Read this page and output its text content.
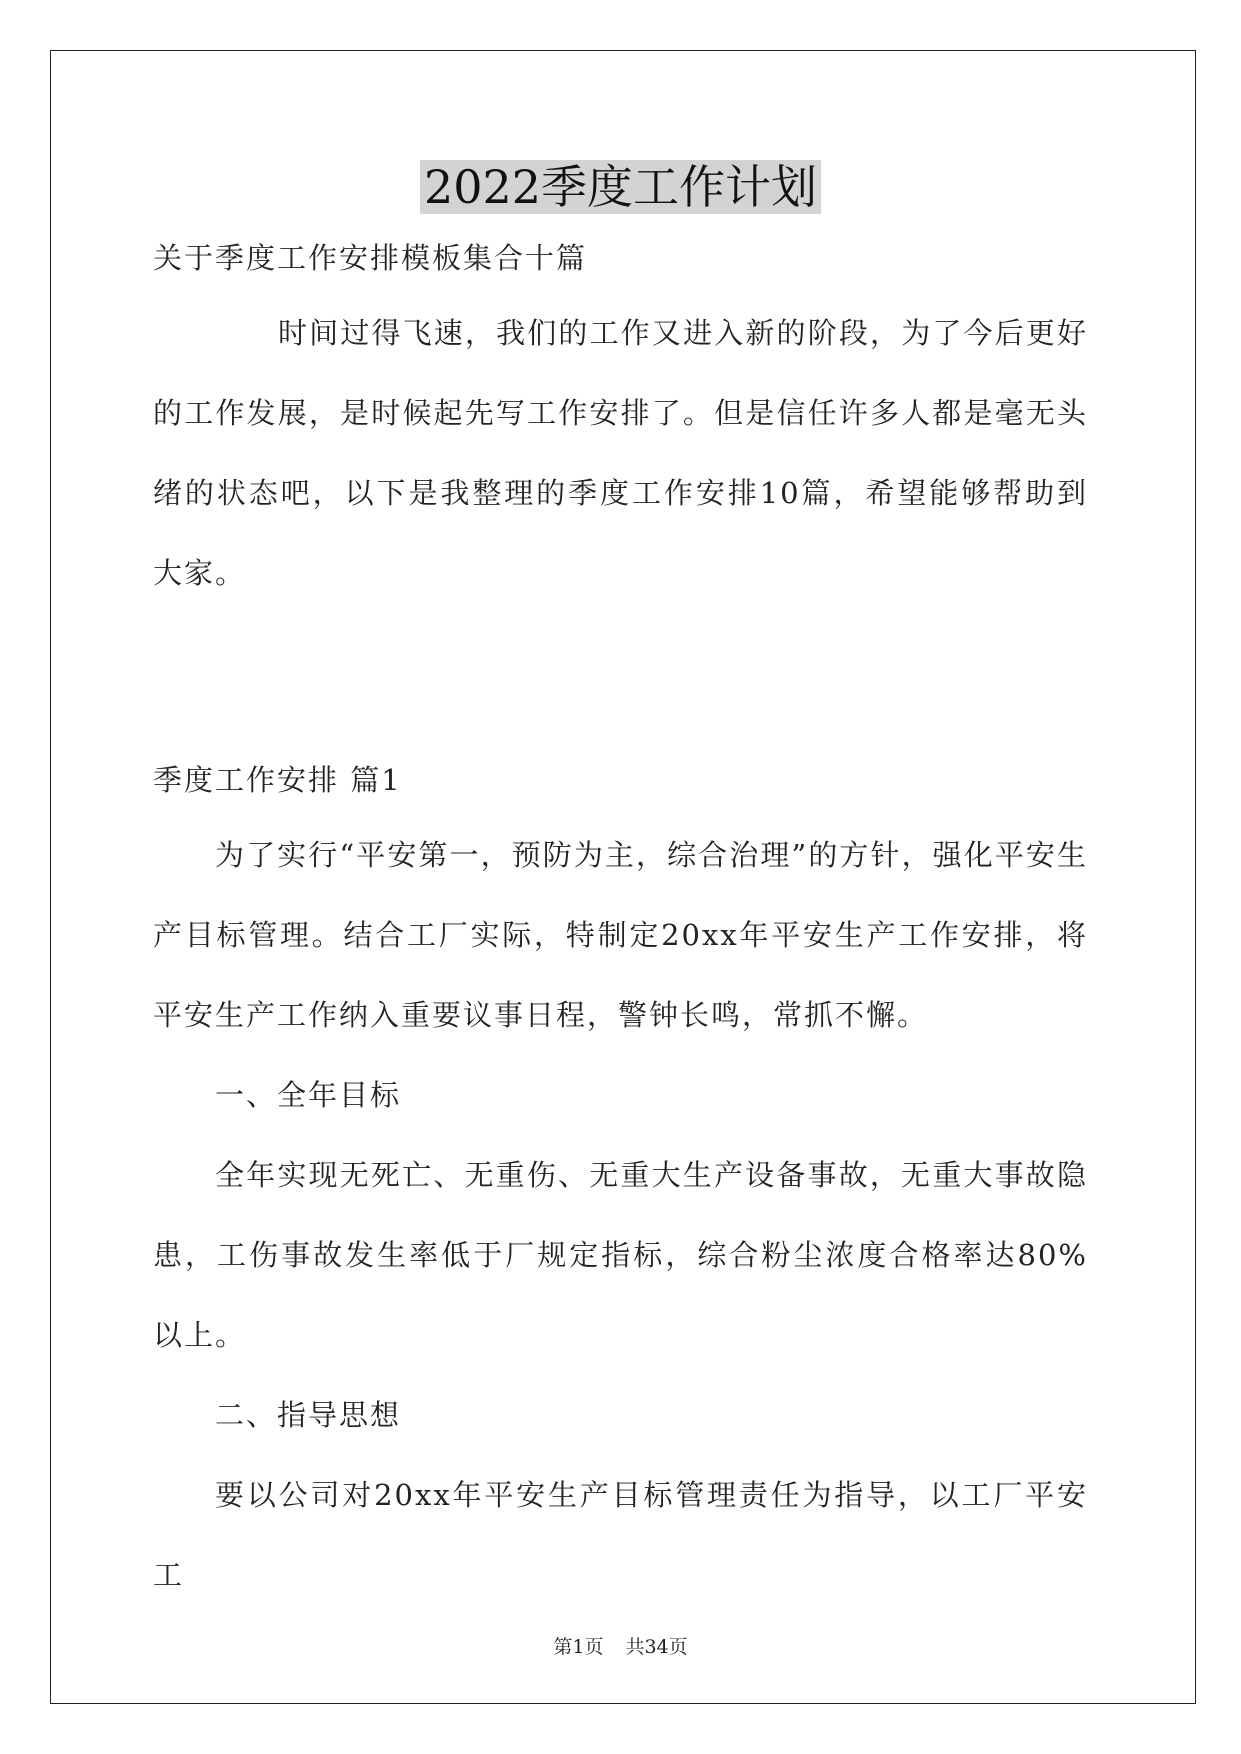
2022季度工作计划

关于季度工作安排模板集合十篇

时间过得飞速，我们的工作又进入新的阶段，为了今后更好的工作发展，是时候起先写工作安排了。但是信任许多人都是毫无头绪的状态吧，以下是我整理的季度工作安排10篇，希望能够帮助到大家。

季度工作安排 篇1

为了实行“平安第一，预防为主，综合治理”的方针，强化平安生产目标管理。结合工厂实际，特制定20xx年平安生产工作安排，将平安生产工作纳入重要议事日程，警钟长鸣，常抓不懈。

一、全年目标

全年实现无死亡、无重伤、无重大生产设备事故，无重大事故隐患，工伤事故发生率低于厂规定指标，综合粉尘浓度合格率达80%以上。

二、指导思想

要以公司对20xx年平安生产目标管理责任为指导，以工厂平安工

第1页 共34页
